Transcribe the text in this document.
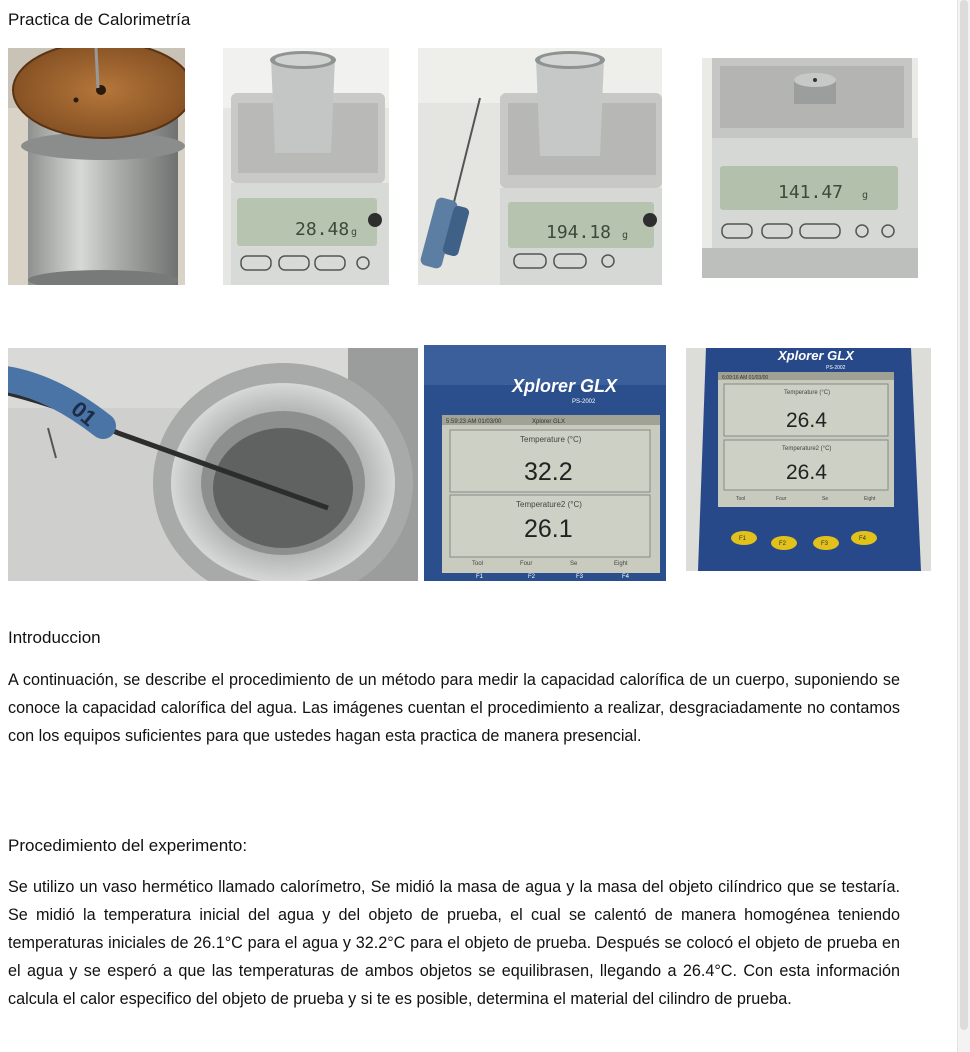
Practica de Calorimetría
28.48 g	194.18 g
141.47 g
01
Xplorer GLX
PS-2002
5:59:23 AM 01/03/00	Xplorer GLX
Temperature (°C)
32.2
Temperature2 (°C)
26.1
Tool	Four	Se	Eight
F1	F2	F3	F4
Xplorer GLX
PS-2002
6:09:16 AM 01/03/00
Temperature (°C)
26.4
Temperature2 (°C)
26.4
Tool	Four	Se	Eight
F1
F2	F3
F4
Introduccion
A continuación, se describe el procedimiento de un método para medir la capacidad calorífica de un cuerpo, suponiendo se conoce la capacidad calorífica del agua. Las imágenes cuentan el procedimiento a realizar, desgraciadamente no contamos con los equipos suficientes para que ustedes hagan esta practica de manera presencial.
Procedimiento del experimento:
Se utilizo un vaso hermético llamado calorímetro, Se midió la masa de agua y la masa del objeto cilíndrico que se testaría. Se midió la temperatura inicial del agua y del objeto de prueba, el cual se calentó de manera homogénea teniendo temperaturas iniciales de 26.1°C para el agua y 32.2°C para el objeto de prueba. Después se colocó el objeto de prueba en el agua y se esperó a que las temperaturas de ambos objetos se equilibrasen, llegando a 26.4°C. Con esta información calcula el calor especifico del objeto de prueba y si te es posible, determina el material del cilindro de prueba.
